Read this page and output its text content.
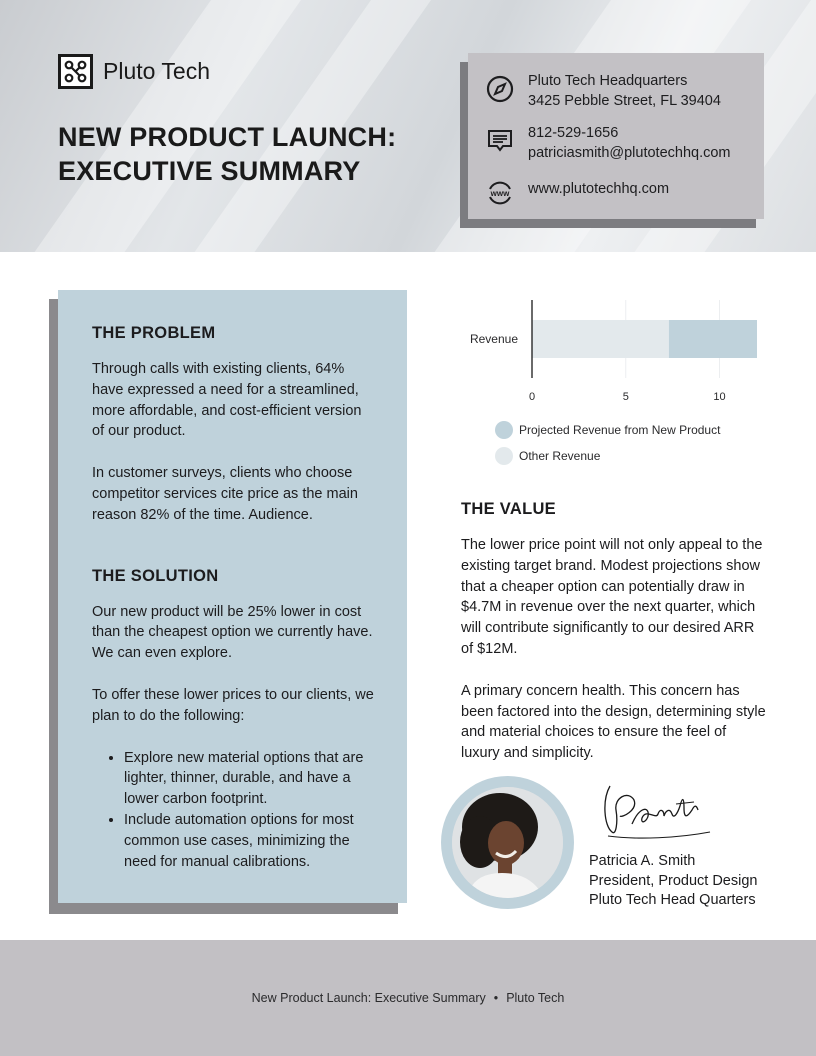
Pluto Tech
NEW PRODUCT LAUNCH:
EXECUTIVE SUMMARY
Pluto Tech Headquarters
3425 Pebble Street, FL 39404
812-529-1656
patriciasmith@plutotechhq.com
www www.plutotechhq.com
THE PROBLEM

Through calls with existing clients, 64% have expressed a need for a streamlined, more affordable, and cost-efficient version of our product.

In customer surveys, clients who choose competitor services cite price as the main reason 82% of the time. Audience.

THE SOLUTION

Our new product will be 25% lower in cost than the cheapest option we currently have. We can even explore.

To offer these lower prices to our clients, we plan to do the following:

• Explore new material options that are lighter, thinner, durable, and have a lower carbon footprint.
• Include automation options for most common use cases, minimizing the need for manual calibrations.
Revenue
0	5	10
Projected Revenue from New Product
Other Revenue
THE VALUE

The lower price point will not only appeal to the existing target brand. Modest projections show that a cheaper option can potentially draw in $4.7M in revenue over the next quarter, which will contribute significantly to our desired ARR of $12M.

A primary concern health. This concern has been factored into the design, determining style and material choices to ensure the feel of luxury and simplicity.

Patricia A. Smith
President, Product Design
Pluto Tech Head Quarters
New Product Launch: Executive Summary • Pluto Tech
